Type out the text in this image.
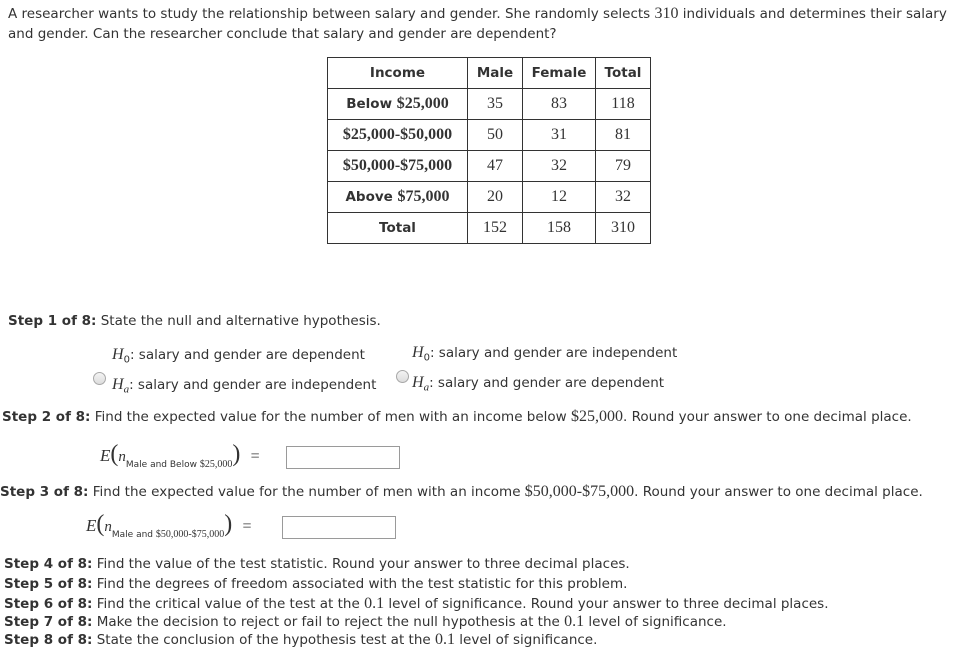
A researcher wants to study the relationship between salary and gender. She randomly selects 310 individuals and determines their salary and gender. Can the researcher conclude that salary and gender are dependent?
Income	Male	Female	Total
Below $25,000	35	83	118
$25,000-$50,000	50	31	81
$50,000-$75,000	47	32	79
Above $75,000	20	12	32
Total	152	158	310
Step 1 of 8: State the null and alternative hypothesis.
$H_0$: salary and gender are dependent
$H_a$: salary and gender are independent
$H_0$: salary and gender are independent
$H_a$: salary and gender are dependent
Step 2 of 8: Find the expected value for the number of men with an income below $25,000. Round your answer to one decimal place.
$E(n_{Male and Below \$25,000})$ =
Step 3 of 8: Find the expected value for the number of men with an income $50,000-$75,000. Round your answer to one decimal place.
$E(n_{Male and \$50,000-\$75,000})$ =
Step 4 of 8: Find the value of the test statistic. Round your answer to three decimal places.
Step 5 of 8: Find the degrees of freedom associated with the test statistic for this problem.
Step 6 of 8: Find the critical value of the test at the 0.1 level of significance. Round your answer to three decimal places.
Step 7 of 8: Make the decision to reject or fail to reject the null hypothesis at the 0.1 level of significance.
Step 8 of 8: State the conclusion of the hypothesis test at the 0.1 level of significance.
